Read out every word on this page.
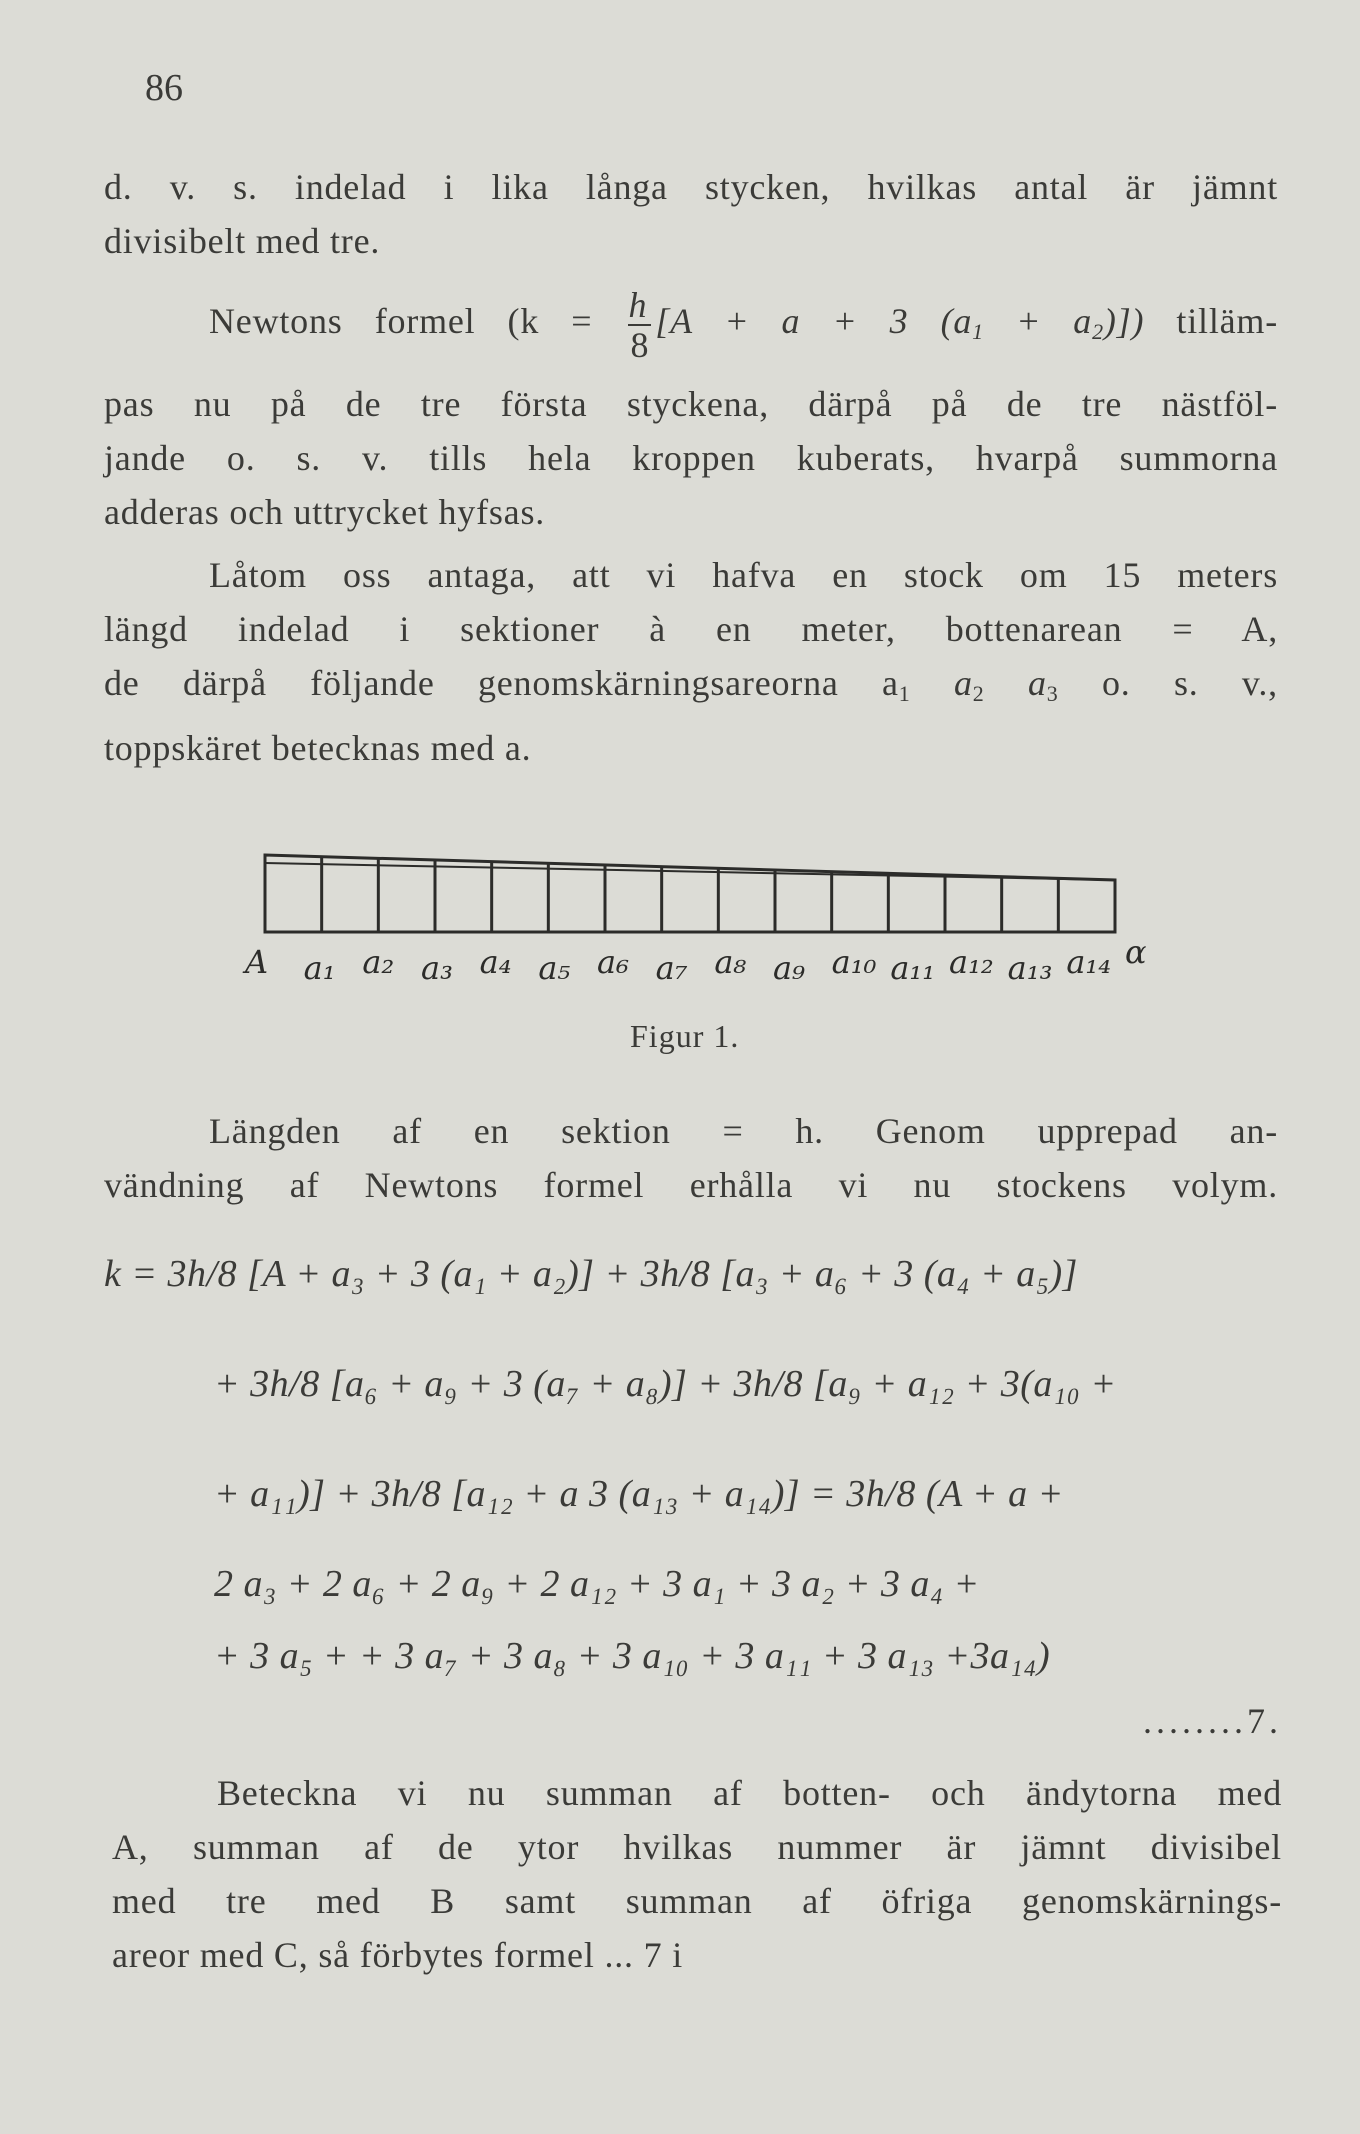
86
d. v. s. indelad i lika långa stycken, hvilkas antal är jämnt
divisibelt med tre.
Newtons formel ($k = \frac{h}{8} [A + a + 3$ $(a_1 + a_2)$]) tilläm-
pas nu på de tre första styckena, därpå på de tre nästföl-
jande o. s. v. tills hela kroppen kuberats, hvarpå summorna
adderas och uttrycket hyfsas.
Låtom oss antaga, att vi hafva en stock om 15 meters
längd indelad i sektioner à en meter, bottenarean = A,
de därpå följande genomskärningsareorna $a_1$ $a_2$ $a_3$ o. s. v.,
toppskäret betecknas med a.
A a₁ a₂ a₃ a₄ a₅ a₆ a₇ a₈ a₉ a₁₀ a₁₁ a₁₂ a₁₃ a₁₄ α
Figur 1.
Längden af en sektion = h. Genom upprepad an-
vändning af Newtons formel erhålla vi nu stockens volym.
k = 3h/8 [A + a₃ + 3 (a₁ + a₂)] + 3h/8 [a₃ + a₆ + 3 (a₄ + a₅)]
+ 3h/8 [a₆ + a₉ + 3 (a₇ + a₈)] + 3h/8 [a₉ + a₁₂ + 3(a₁₀ +
+ a₁₁)] + 3h/8 [a₁₂ + a 3 (a₁₃ + a₁₄)] = 3h/8 (A + a +
2 a₃ + 2 a₆ + 2 a₉ + 2 a₁₂ + 3 a₁ + 3 a₂ + 3 a₄ +
+ 3 a₅ + + 3 a₇ + 3 a₈ + 3 a₁₀ + 3 a₁₁ + 3 a₁₃ +3a₁₄)
........7.
Betecknа vi nu summan af botten- och ändytorna med
A, summan af de ytor hvilkas nummer är jämnt divisibel
med tre med B samt summan af öfriga genomskärnings-
areor med C, så förbytes formel ... 7 i
